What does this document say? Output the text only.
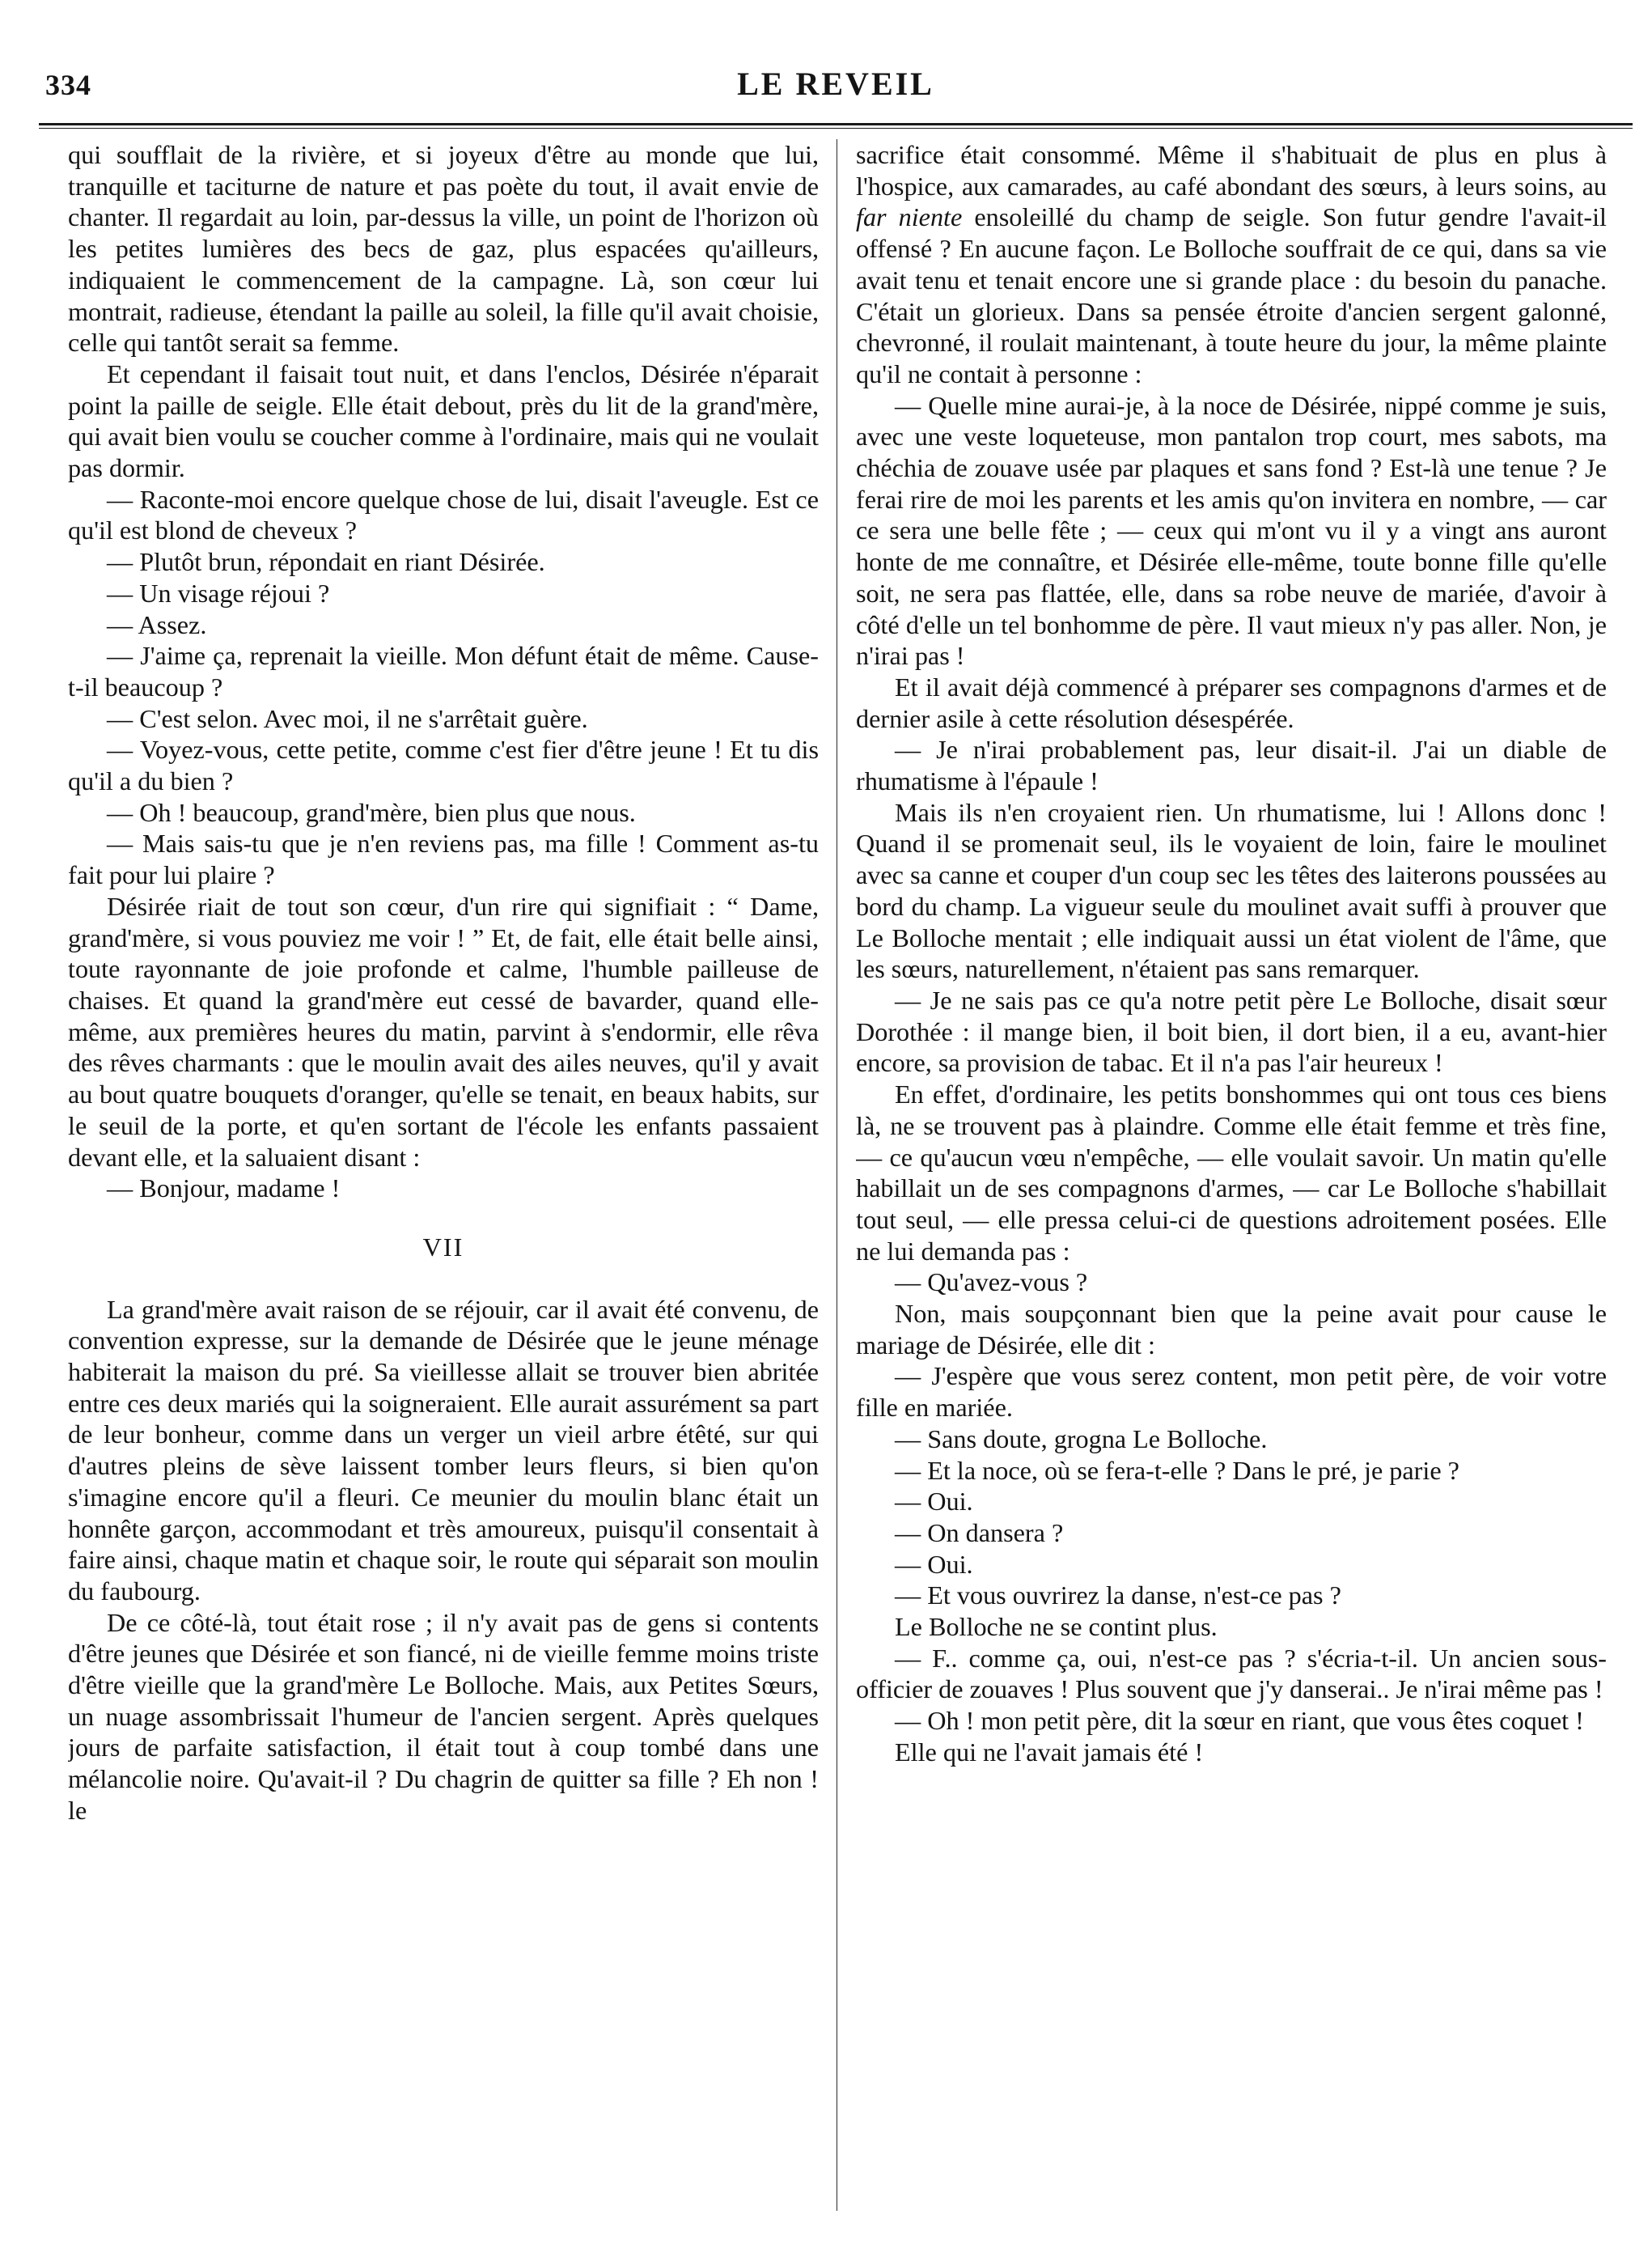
334	LE REVEIL

qui soufflait de la rivière, et si joyeux d'être au monde que lui, tranquille et taciturne de nature et pas poète du tout, il avait envie de chanter. Il regardait au loin, par-dessus la ville, un point de l'horizon où les petites lumières des becs de gaz, plus espacées qu'ailleurs, indiquaient le commencement de la campagne. Là, son cœur lui montrait, radieuse, étendant la paille au soleil, la fille qu'il avait choisie, celle qui tantôt serait sa femme.

Et cependant il faisait tout nuit, et dans l'enclos, Désirée n'éparait point la paille de seigle. Elle était debout, près du lit de la grand'mère, qui avait bien voulu se coucher comme à l'ordinaire, mais qui ne voulait pas dormir.

— Raconte-moi encore quelque chose de lui, disait l'aveugle. Est ce qu'il est blond de cheveux ?

— Plutôt brun, répondait en riant Désirée.

— Un visage réjoui ?

— Assez.

— J'aime ça, reprenait la vieille. Mon défunt était de même. Cause-t-il beaucoup ?

— C'est selon. Avec moi, il ne s'arrêtait guère.

— Voyez-vous, cette petite, comme c'est fier d'être jeune ! Et tu dis qu'il a du bien ?

— Oh ! beaucoup, grand'mère, bien plus que nous.

— Mais sais-tu que je n'en reviens pas, ma fille ! Comment as-tu fait pour lui plaire ?

Désirée riait de tout son cœur, d'un rire qui signifiait : “ Dame, grand'mère, si vous pouviez me voir ! ” Et, de fait, elle était belle ainsi, toute rayonnante de joie profonde et calme, l'humble pailleuse de chaises. Et quand la grand'mère eut cessé de bavarder, quand elle-même, aux premières heures du matin, parvint à s'endormir, elle rêva des rêves charmants : que le moulin avait des ailes neuves, qu'il y avait au bout quatre bouquets d'oranger, qu'elle se tenait, en beaux habits, sur le seuil de la porte, et qu'en sortant de l'école les enfants passaient devant elle, et la saluaient disant :

— Bonjour, madame !

VII

La grand'mère avait raison de se réjouir, car il avait été convenu, de convention expresse, sur la demande de Désirée que le jeune ménage habiterait la maison du pré. Sa vieillesse allait se trouver bien abritée entre ces deux mariés qui la soigneraient. Elle aurait assurément sa part de leur bonheur, comme dans un verger un vieil arbre étêté, sur qui d'autres pleins de sève laissent tomber leurs fleurs, si bien qu'on s'imagine encore qu'il a fleuri. Ce meunier du moulin blanc était un honnête garçon, accommodant et très amoureux, puisqu'il consentait à faire ainsi, chaque matin et chaque soir, le route qui séparait son moulin du faubourg.

De ce côté-là, tout était rose ; il n'y avait pas de gens si contents d'être jeunes que Désirée et son fiancé, ni de vieille femme moins triste d'être vieille que la grand'mère Le Bolloche. Mais, aux Petites Sœurs, un nuage assombrissait l'humeur de l'ancien sergent. Après quelques jours de parfaite satisfaction, il était tout à coup tombé dans une mélancolie noire. Qu'avait-il ? Du chagrin de quitter sa fille ? Eh non ! le

sacrifice était consommé. Même il s'habituait de plus en plus à l'hospice, aux camarades, au café abondant des sœurs, à leurs soins, au far niente ensoleillé du champ de seigle. Son futur gendre l'avait-il offensé ? En aucune façon. Le Bolloche souffrait de ce qui, dans sa vie avait tenu et tenait encore une si grande place : du besoin du panache. C'était un glorieux. Dans sa pensée étroite d'ancien sergent galonné, chevronné, il roulait maintenant, à toute heure du jour, la même plainte qu'il ne contait à personne :

— Quelle mine aurai-je, à la noce de Désirée, nippé comme je suis, avec une veste loqueteuse, mon pantalon trop court, mes sabots, ma chéchia de zouave usée par plaques et sans fond ? Est-là une tenue ? Je ferai rire de moi les parents et les amis qu'on invitera en nombre, — car ce sera une belle fête ; — ceux qui m'ont vu il y a vingt ans auront honte de me connaître, et Désirée elle-même, toute bonne fille qu'elle soit, ne sera pas flattée, elle, dans sa robe neuve de mariée, d'avoir à côté d'elle un tel bonhomme de père. Il vaut mieux n'y pas aller. Non, je n'irai pas !

Et il avait déjà commencé à préparer ses compagnons d'armes et de dernier asile à cette résolution désespérée.

— Je n'irai probablement pas, leur disait-il. J'ai un diable de rhumatisme à l'épaule !

Mais ils n'en croyaient rien. Un rhumatisme, lui ! Allons donc ! Quand il se promenait seul, ils le voyaient de loin, faire le moulinet avec sa canne et couper d'un coup sec les têtes des laiterons poussées au bord du champ. La vigueur seule du moulinet avait suffi à prouver que Le Bolloche mentait ; elle indiquait aussi un état violent de l'âme, que les sœurs, naturellement, n'étaient pas sans remarquer.

— Je ne sais pas ce qu'a notre petit père Le Bolloche, disait sœur Dorothée : il mange bien, il boit bien, il dort bien, il a eu, avant-hier encore, sa provision de tabac. Et il n'a pas l'air heureux !

En effet, d'ordinaire, les petits bonshommes qui ont tous ces biens là, ne se trouvent pas à plaindre. Comme elle était femme et très fine, — ce qu'aucun vœu n'empêche, — elle voulait savoir. Un matin qu'elle habillait un de ses compagnons d'armes, — car Le Bolloche s'habillait tout seul, — elle pressa celui-ci de questions adroitement posées. Elle ne lui demanda pas :

— Qu'avez-vous ?

Non, mais soupçonnant bien que la peine avait pour cause le mariage de Désirée, elle dit :

— J'espère que vous serez content, mon petit père, de voir votre fille en mariée.

— Sans doute, grogna Le Bolloche.

— Et la noce, où se fera-t-elle ? Dans le pré, je parie ?

— Oui.

— On dansera ?

— Oui.

— Et vous ouvrirez la danse, n'est-ce pas ?

Le Bolloche ne se contint plus.

— F.. comme ça, oui, n'est-ce pas ? s'écria-t-il. Un ancien sous-officier de zouaves ! Plus souvent que j'y danserai.. Je n'irai même pas !

— Oh ! mon petit père, dit la sœur en riant, que vous êtes coquet !

Elle qui ne l'avait jamais été !
